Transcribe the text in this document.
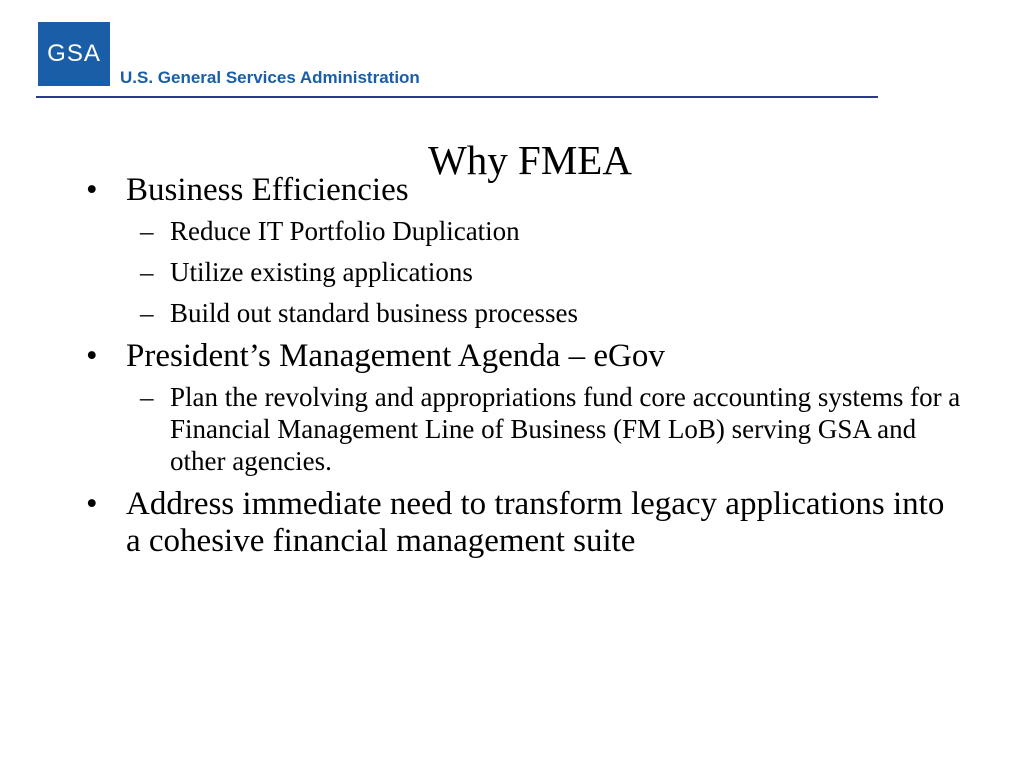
GSA
U.S. General Services Administration
Why FMEA
• Business Efficiencies
– Reduce IT Portfolio Duplication
– Utilize existing applications
– Build out standard business processes
• President’s Management Agenda – eGov
– Plan the revolving and appropriations fund core accounting systems for a Financial Management Line of Business (FM LoB) serving GSA and other agencies.
• Address immediate need to transform legacy applications into a cohesive financial management suite
